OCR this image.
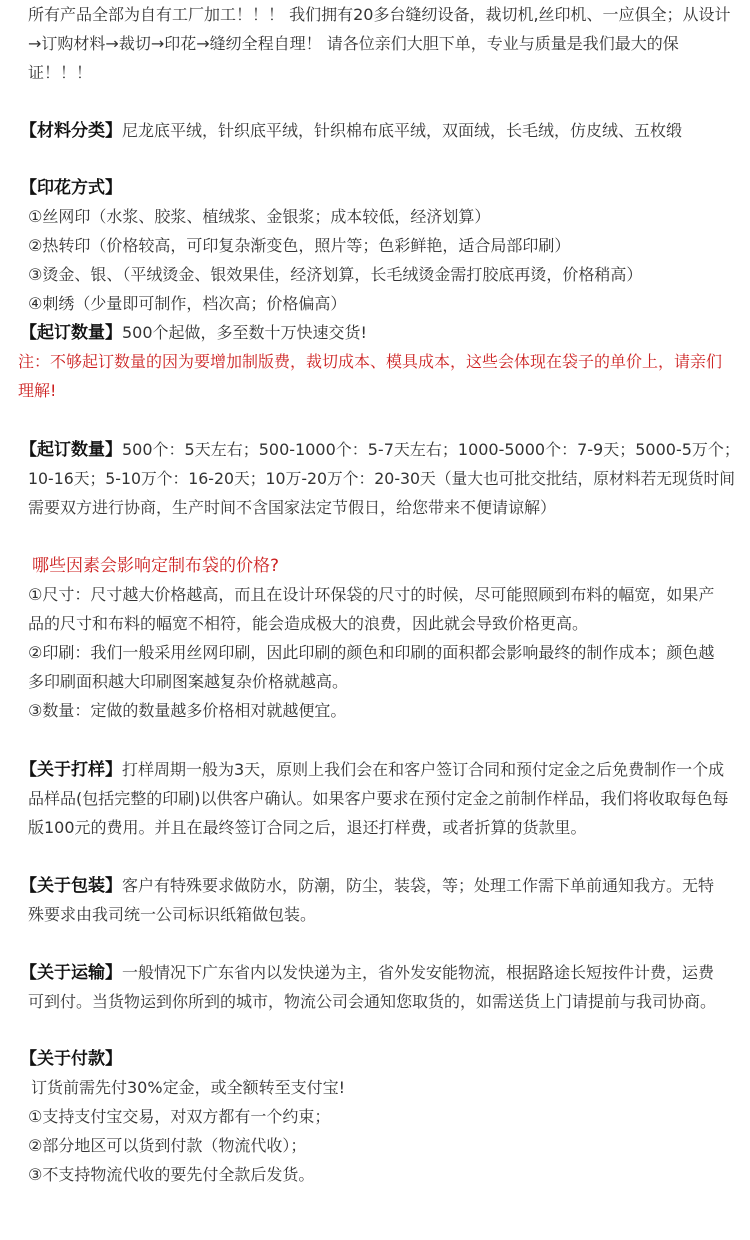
所有产品全部为自有工厂加工！！！ 我们拥有20多台缝纫设备，裁切机,丝印机、一应俱全；从设计
→订购材料→裁切→印花→缝纫全程自理！ 请各位亲们大胆下单，专业与质量是我们最大的保
证！！！
【材料分类】尼龙底平绒，针织底平绒，针织棉布底平绒，双面绒，长毛绒，仿皮绒、五枚缎
【印花方式】
①丝网印（水浆、胶浆、植绒浆、金银浆；成本较低，经济划算）
②热转印（价格较高，可印复杂渐变色，照片等；色彩鲜艳，适合局部印刷）
③烫金、银、（平绒烫金、银效果佳，经济划算，长毛绒烫金需打胶底再烫，价格稍高）
④刺绣（少量即可制作，档次高；价格偏高）
【起订数量】500个起做，多至数十万快速交货!
注：不够起订数量的因为要增加制版费，裁切成本、模具成本，这些会体现在袋子的单价上，请亲们
理解!
【起订数量】500个：5天左右；500-1000个：5-7天左右；1000-5000个：7-9天；5000-5万个；
10-16天；5-10万个：16-20天；10万-20万个：20-30天（量大也可批交批结，原材料若无现货时间
需要双方进行协商，生产时间不含国家法定节假日，给您带来不便请谅解）
哪些因素会影响定制布袋的价格?
①尺寸：尺寸越大价格越高，而且在设计环保袋的尺寸的时候，尽可能照顾到布料的幅宽，如果产
品的尺寸和布料的幅宽不相符，能会造成极大的浪费，因此就会导致价格更高。
②印刷：我们一般采用丝网印刷，因此印刷的颜色和印刷的面积都会影响最终的制作成本；颜色越
多印刷面积越大印刷图案越复杂价格就越高。
③数量：定做的数量越多价格相对就越便宜。
【关于打样】打样周期一般为3天，原则上我们会在和客户签订合同和预付定金之后免费制作一个成
品样品(包括完整的印刷)以供客户确认。如果客户要求在预付定金之前制作样品，我们将收取每色每
版100元的费用。并且在最终签订合同之后，退还打样费，或者折算的货款里。
【关于包装】客户有特殊要求做防水，防潮，防尘，装袋，等；处理工作需下单前通知我方。无特
殊要求由我司统一公司标识纸箱做包装。
【关于运输】一般情况下广东省内以发快递为主，省外发安能物流，根据路途长短按件计费，运费
可到付。当货物运到你所到的城市，物流公司会通知您取货的，如需送货上门请提前与我司协商。
【关于付款】
订货前需先付30%定金，或全额转至支付宝!
①支持支付宝交易，对双方都有一个约束；
②部分地区可以货到付款（物流代收）；
③不支持物流代收的要先付全款后发货。
